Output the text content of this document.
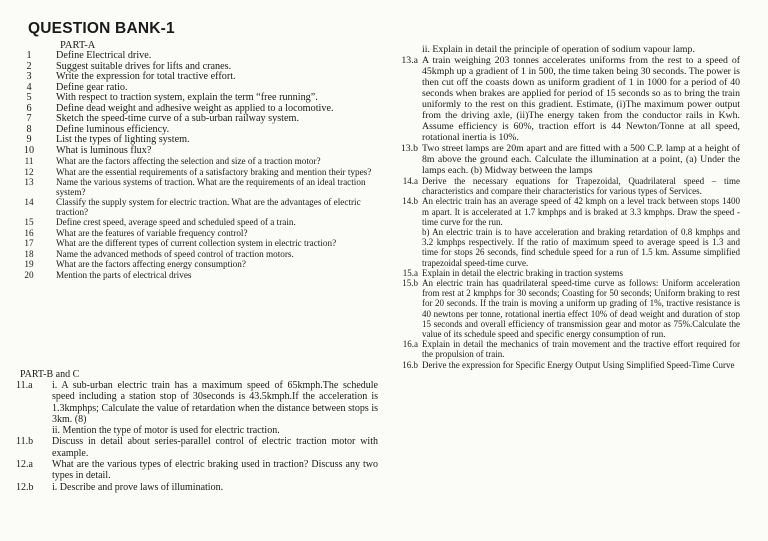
QUESTION BANK-1
PART-A
1	Define Electrical drive.
2	Suggest suitable drives for lifts and cranes.
3	Write the expression for total tractive effort.
4	Define gear ratio.
5	With respect to traction system, explain the term “free running”.
6	Define dead weight and adhesive weight as applied to a locomotive.
7	Sketch the speed-time curve of a sub-urban railway system.
8	Define luminous efficiency.
9	List the types of lighting system.
10	What is luminous flux?
11	What are the factors affecting the selection and size of a traction motor?
12	What are the essential requirements of a satisfactory braking and mention their types?
13	Name the various systems of traction. What are the requirements of an ideal traction system?
14	Classify the supply system for electric traction. What are the advantages of electric traction?
15	Define crest speed, average speed and scheduled speed of a train.
16	What are the features of variable frequency control?
17	What are the different types of current collection system in electric traction?
18	Name the advanced methods of speed control of traction motors.
19	What are the factors affecting energy consumption?
20	Mention the parts of electrical drives
PART-B and C
11.a	i. A sub-urban electric train has a maximum speed of 65kmph.The schedule speed including a station stop of 30seconds is 43.5kmph.If the acceleration is 1.3kmphps; Calculate the value of retardation when the distance between stops is 3km. (8)
ii. Mention the type of motor is used for electric traction.
11.b	Discuss in detail about series-parallel control of electric traction motor with example.
12.a	What are the various types of electric braking used in traction? Discuss any two types in detail.
12.b	i. Describe and prove laws of illumination.
ii. Explain in detail the principle of operation of sodium vapour lamp.
13.a A train weighing 203 tonnes accelerates uniforms from the rest to a speed of 45kmph up a gradient of 1 in 500, the time taken being 30 seconds. The power is then cut off the coasts down as uniform gradient of 1 in 1000 for a period of 40 seconds when brakes are applied for period of 15 seconds so as to bring the train uniformly to the rest on this gradient. Estimate, (i)The maximum power output from the driving axle, (ii)The energy taken from the conductor rails in Kwh. Assume efficiency is 60%, traction effort is 44 Newton/Tonne at all speed, rotational inertia is 10%.
13.b Two street lamps are 20m apart and are fitted with a 500 C.P. lamp at a height of 8m above the ground each. Calculate the illumination at a point, (a) Under the lamps each. (b) Midway between the lamps
14.a Derive the necessary equations for Trapezoidal, Quadrilateral speed – time characteristics and compare their characteristics for various types of Services.
14.b An electric train has an average speed of 42 kmph on a level track between stops 1400 m apart. It is accelerated at 1.7 kmphps and is braked at 3.3 kmphps. Draw the speed -time curve for the run.
b) An electric train is to have acceleration and braking retardation of 0.8 kmphps and 3.2 kmphps respectively. If the ratio of maximum speed to average speed is 1.3 and time for stops 26 seconds, find schedule speed for a run of 1.5 km. Assume simplified trapezoidal speed-time curve.
15.a Explain in detail the electric braking in traction systems
15.b An electric train has quadrilateral speed-time curve as follows: Uniform acceleration from rest at 2 kmphps for 30 seconds; Coasting for 50 seconds; Uniform braking to rest for 20 seconds. If the train is moving a uniform up grading of 1%, tractive resistance is 40 newtons per tonne, rotational inertia effect 10% of dead weight and duration of stop 15 seconds and overall efficiency of transmission gear and motor as 75%.Calculate the value of its schedule speed and specific energy consumption of run.
16.a Explain in detail the mechanics of train movement and the tractive effort required for the propulsion of train.
16.b Derive the expression for Specific Energy Output Using Simplified Speed-Time Curve
